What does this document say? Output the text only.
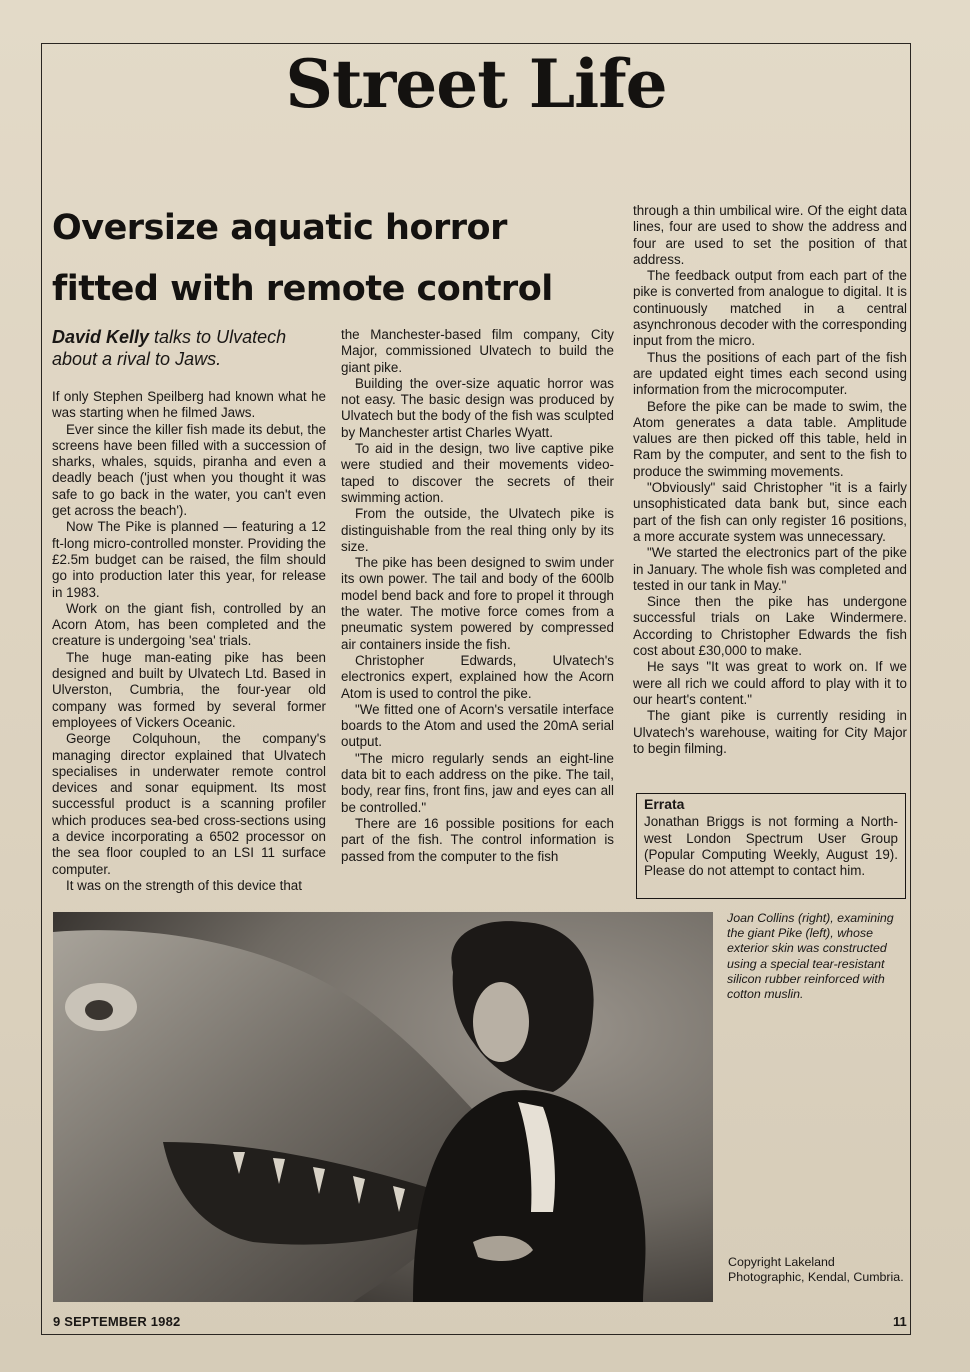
Street Life
Oversize aquatic horror
fitted with remote control
David Kelly talks to Ulvatech about a rival to Jaws.

If only Stephen Speilberg had known what he was starting when he filmed Jaws.

Ever since the killer fish made its debut, the screens have been filled with a succession of sharks, whales, squids, piranha and even a deadly beach ('just when you thought it was safe to go back in the water, you can't even get across the beach').

Now The Pike is planned — featuring a 12 ft-long micro-controlled monster. Providing the £2.5m budget can be raised, the film should go into production later this year, for release in 1983.

Work on the giant fish, controlled by an Acorn Atom, has been completed and the creature is undergoing 'sea' trials.

The huge man-eating pike has been designed and built by Ulvatech Ltd. Based in Ulverston, Cumbria, the four-year old company was formed by several former employees of Vickers Oceanic.

George Colquhoun, the company's managing director explained that Ulvatech specialises in underwater remote control devices and sonar equipment. Its most successful product is a scanning profiler which produces sea-bed cross-sections using a device incorporating a 6502 processor on the sea floor coupled to an LSI 11 surface computer.

It was on the strength of this device that

the Manchester-based film company, City Major, commissioned Ulvatech to build the giant pike.

Building the over-size aquatic horror was not easy. The basic design was produced by Ulvatech but the body of the fish was sculpted by Manchester artist Charles Wyatt.

To aid in the design, two live captive pike were studied and their movements video-taped to discover the secrets of their swimming action.

From the outside, the Ulvatech pike is distinguishable from the real thing only by its size.

The pike has been designed to swim under its own power. The tail and body of the 600lb model bend back and fore to propel it through the water. The motive force comes from a pneumatic system powered by compressed air containers inside the fish.

Christopher Edwards, Ulvatech's electronics expert, explained how the Acorn Atom is used to control the pike.

"We fitted one of Acorn's versatile interface boards to the Atom and used the 20mA serial output.

"The micro regularly sends an eight-line data bit to each address on the pike. The tail, body, rear fins, front fins, jaw and eyes can all be controlled."

There are 16 possible positions for each part of the fish. The control information is passed from the computer to the fish

through a thin umbilical wire. Of the eight data lines, four are used to show the address and four are used to set the position of that address.

The feedback output from each part of the pike is converted from analogue to digital. It is continuously matched in a central asynchronous decoder with the corresponding input from the micro.

Thus the positions of each part of the fish are updated eight times each second using information from the microcomputer.

Before the pike can be made to swim, the Atom generates a data table. Amplitude values are then picked off this table, held in Ram by the computer, and sent to the fish to produce the swimming movements.

"Obviously" said Christopher "it is a fairly unsophisticated data bank but, since each part of the fish can only register 16 positions, a more accurate system was unnecessary.

"We started the electronics part of the pike in January. The whole fish was completed and tested in our tank in May."

Since then the pike has undergone successful trials on Lake Windermere. According to Christopher Edwards the fish cost about £30,000 to make.

He says "It was great to work on. If we were all rich we could afford to play with it to our heart's content."

The giant pike is currently residing in Ulvatech's warehouse, waiting for City Major to begin filming.

Errata
Jonathan Briggs is not forming a North-west London Spectrum User Group (Popular Computing Weekly, August 19). Please do not attempt to contact him.
Joan Collins (right), examining the giant Pike (left), whose exterior skin was constructed using a special tear-resistant silicon rubber reinforced with cotton muslin.
Copyright Lakeland Photographic, Kendal, Cumbria.
9 SEPTEMBER 1982	11
